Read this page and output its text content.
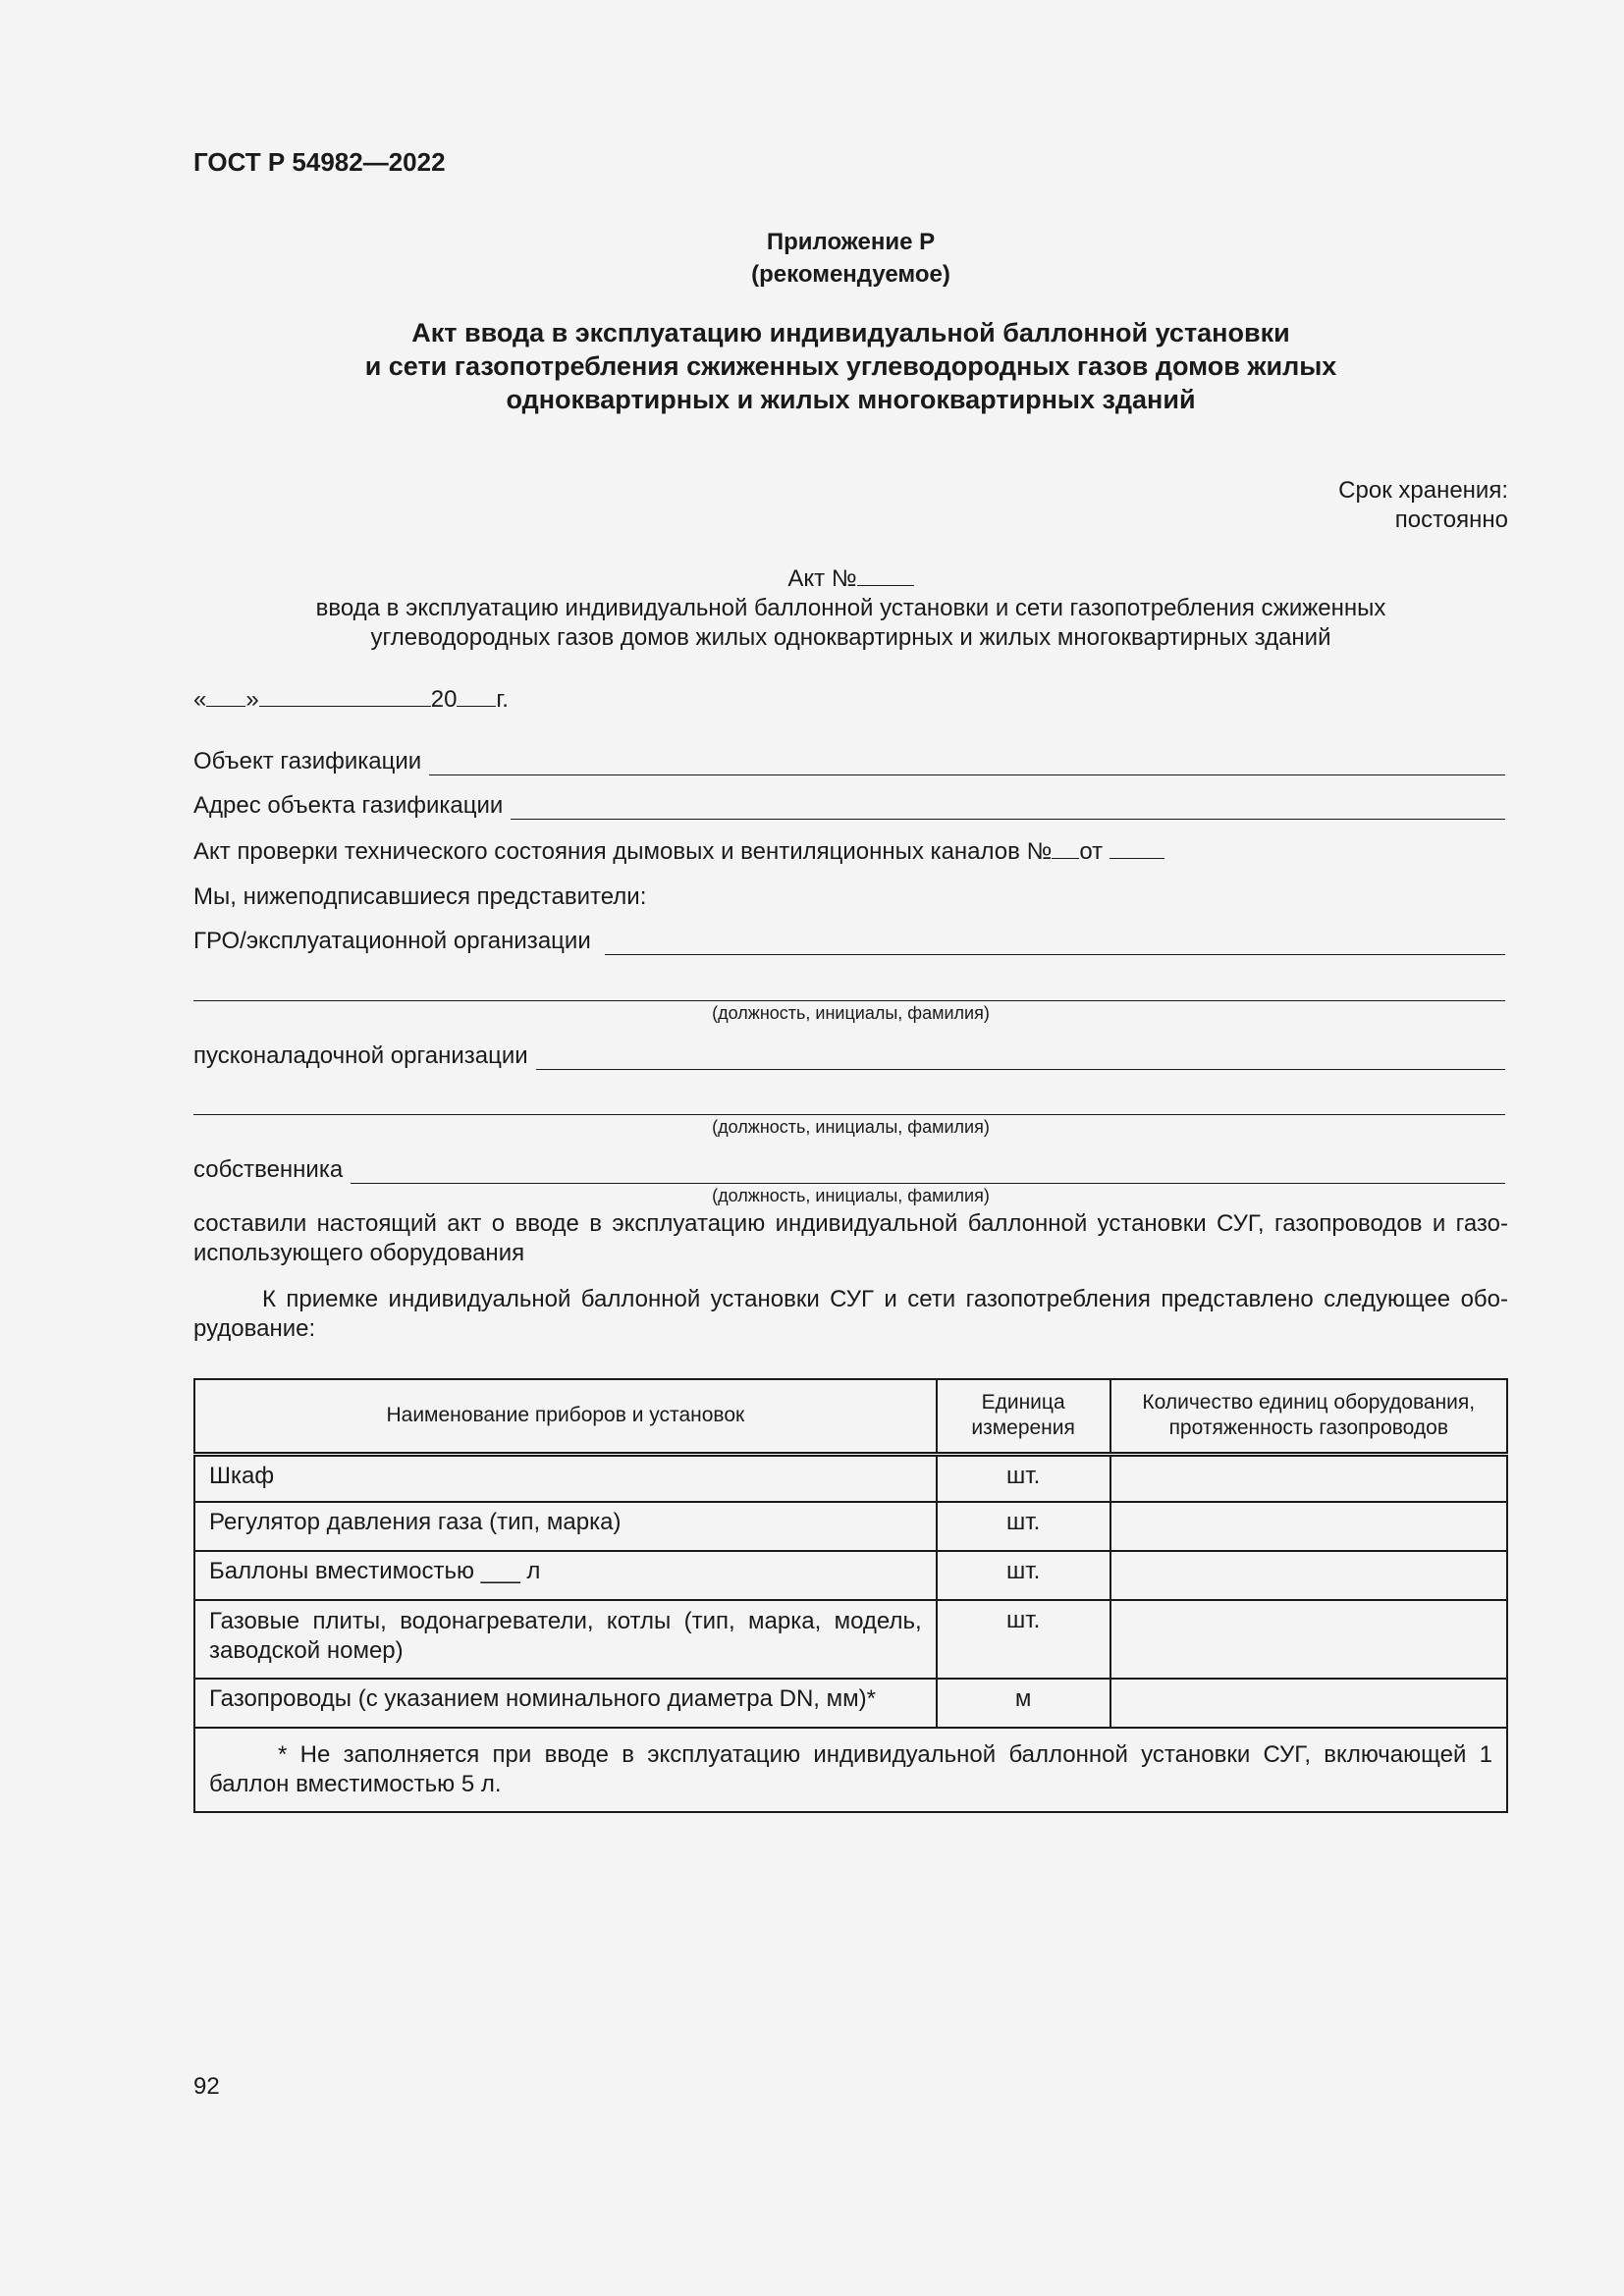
ГОСТ Р 54982—2022
Приложение Р
(рекомендуемое)
Акт ввода в эксплуатацию индивидуальной баллонной установки
и сети газопотребления сжиженных углеводородных газов домов жилых
одноквартирных и жилых многоквартирных зданий
Срок хранения:
постоянно
Акт №
ввода в эксплуатацию индивидуальной баллонной установки и сети газопотребления сжиженных
углеводородных газов домов жилых одноквартирных и жилых многоквартирных зданий
« »	20 г.
Объект газификации
Адрес объекта газификации
Акт проверки технического состояния дымовых и вентиляционных каналов № от
Мы, нижеподписавшиеся представители:
ГРО/эксплуатационной организации
(должность, инициалы, фамилия)
пусконаладочной организации
(должность, инициалы, фамилия)
собственника
(должность, инициалы, фамилия)
составили настоящий акт о вводе в эксплуатацию индивидуальной баллонной установки СУГ, газопроводов и газо-использующего оборудования
К приемке индивидуальной баллонной установки СУГ и сети газопотребления представлено следующее обо-рудование:
Наименование приборов и установок	Единица измерения	Количество единиц оборудования, протяженность газопроводов
Шкаф	шт.	
Регулятор давления газа (тип, марка)	шт.	
Баллоны вместимостью ___ л	шт.	
Газовые плиты, водонагреватели, котлы (тип, марка, модель, заводской номер)	шт.	
Газопроводы (с указанием номинального диаметра DN, мм)*	м	
* Не заполняется при вводе в эксплуатацию индивидуальной баллонной установки СУГ, включающей 1 баллон вместимостью 5 л.		
92
